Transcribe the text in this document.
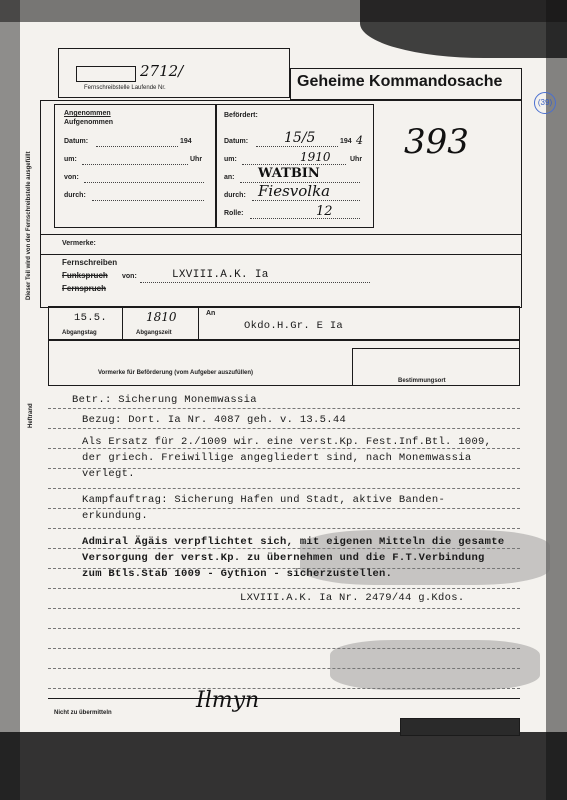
2712/
Fernschreibstelle Laufende Nr.	Geheime Kommandosache
(39)
Dieser Teil wird von der Fernschreibstelle ausgefüllt
Angenommen
Aufgenommen
Datum:	194
um:	Uhr
von:
durch:
Befördert:
Datum:	15/5	194 4
um:	1910	Uhr
an: WATBIN
durch: Fiesvolka
Rolle:	12
393
Vermerke:
Fernschreiben
Funkspruch von:	LXVIII.A.K. Ia
Fernspruch
15.5.
Abgangstag
1810
Abgangszeit
An
Okdo.H.Gr. E Ia
Vormerke für Beförderung (vom Aufgeber auszufüllen)
Bestimmungsort
Heftrand
Betr.: Sicherung Monemwassia
Bezug: Dort. Ia Nr. 4087 geh. v. 13.5.44
Als Ersatz für 2./1009 wir. eine verst.Kp. Fest.Inf.Btl. 1009,
der griech. Freiwillige angegliedert sind, nach Monemwassia
verlegt.
Kampfauftrag: Sicherung Hafen und Stadt, aktive Banden-
erkundung.
Admiral Ägäis verpflichtet sich, mit eigenen Mitteln die gesamte
Versorgung der verst.Kp. zu übernehmen und die F.T.Verbindung
zum Btls.Stab 1009 - Gythion - sicherzustellen.
LXVIII.A.K. Ia Nr. 2479/44 g.Kdos.
Nicht zu übermitteln	Ilmyn
